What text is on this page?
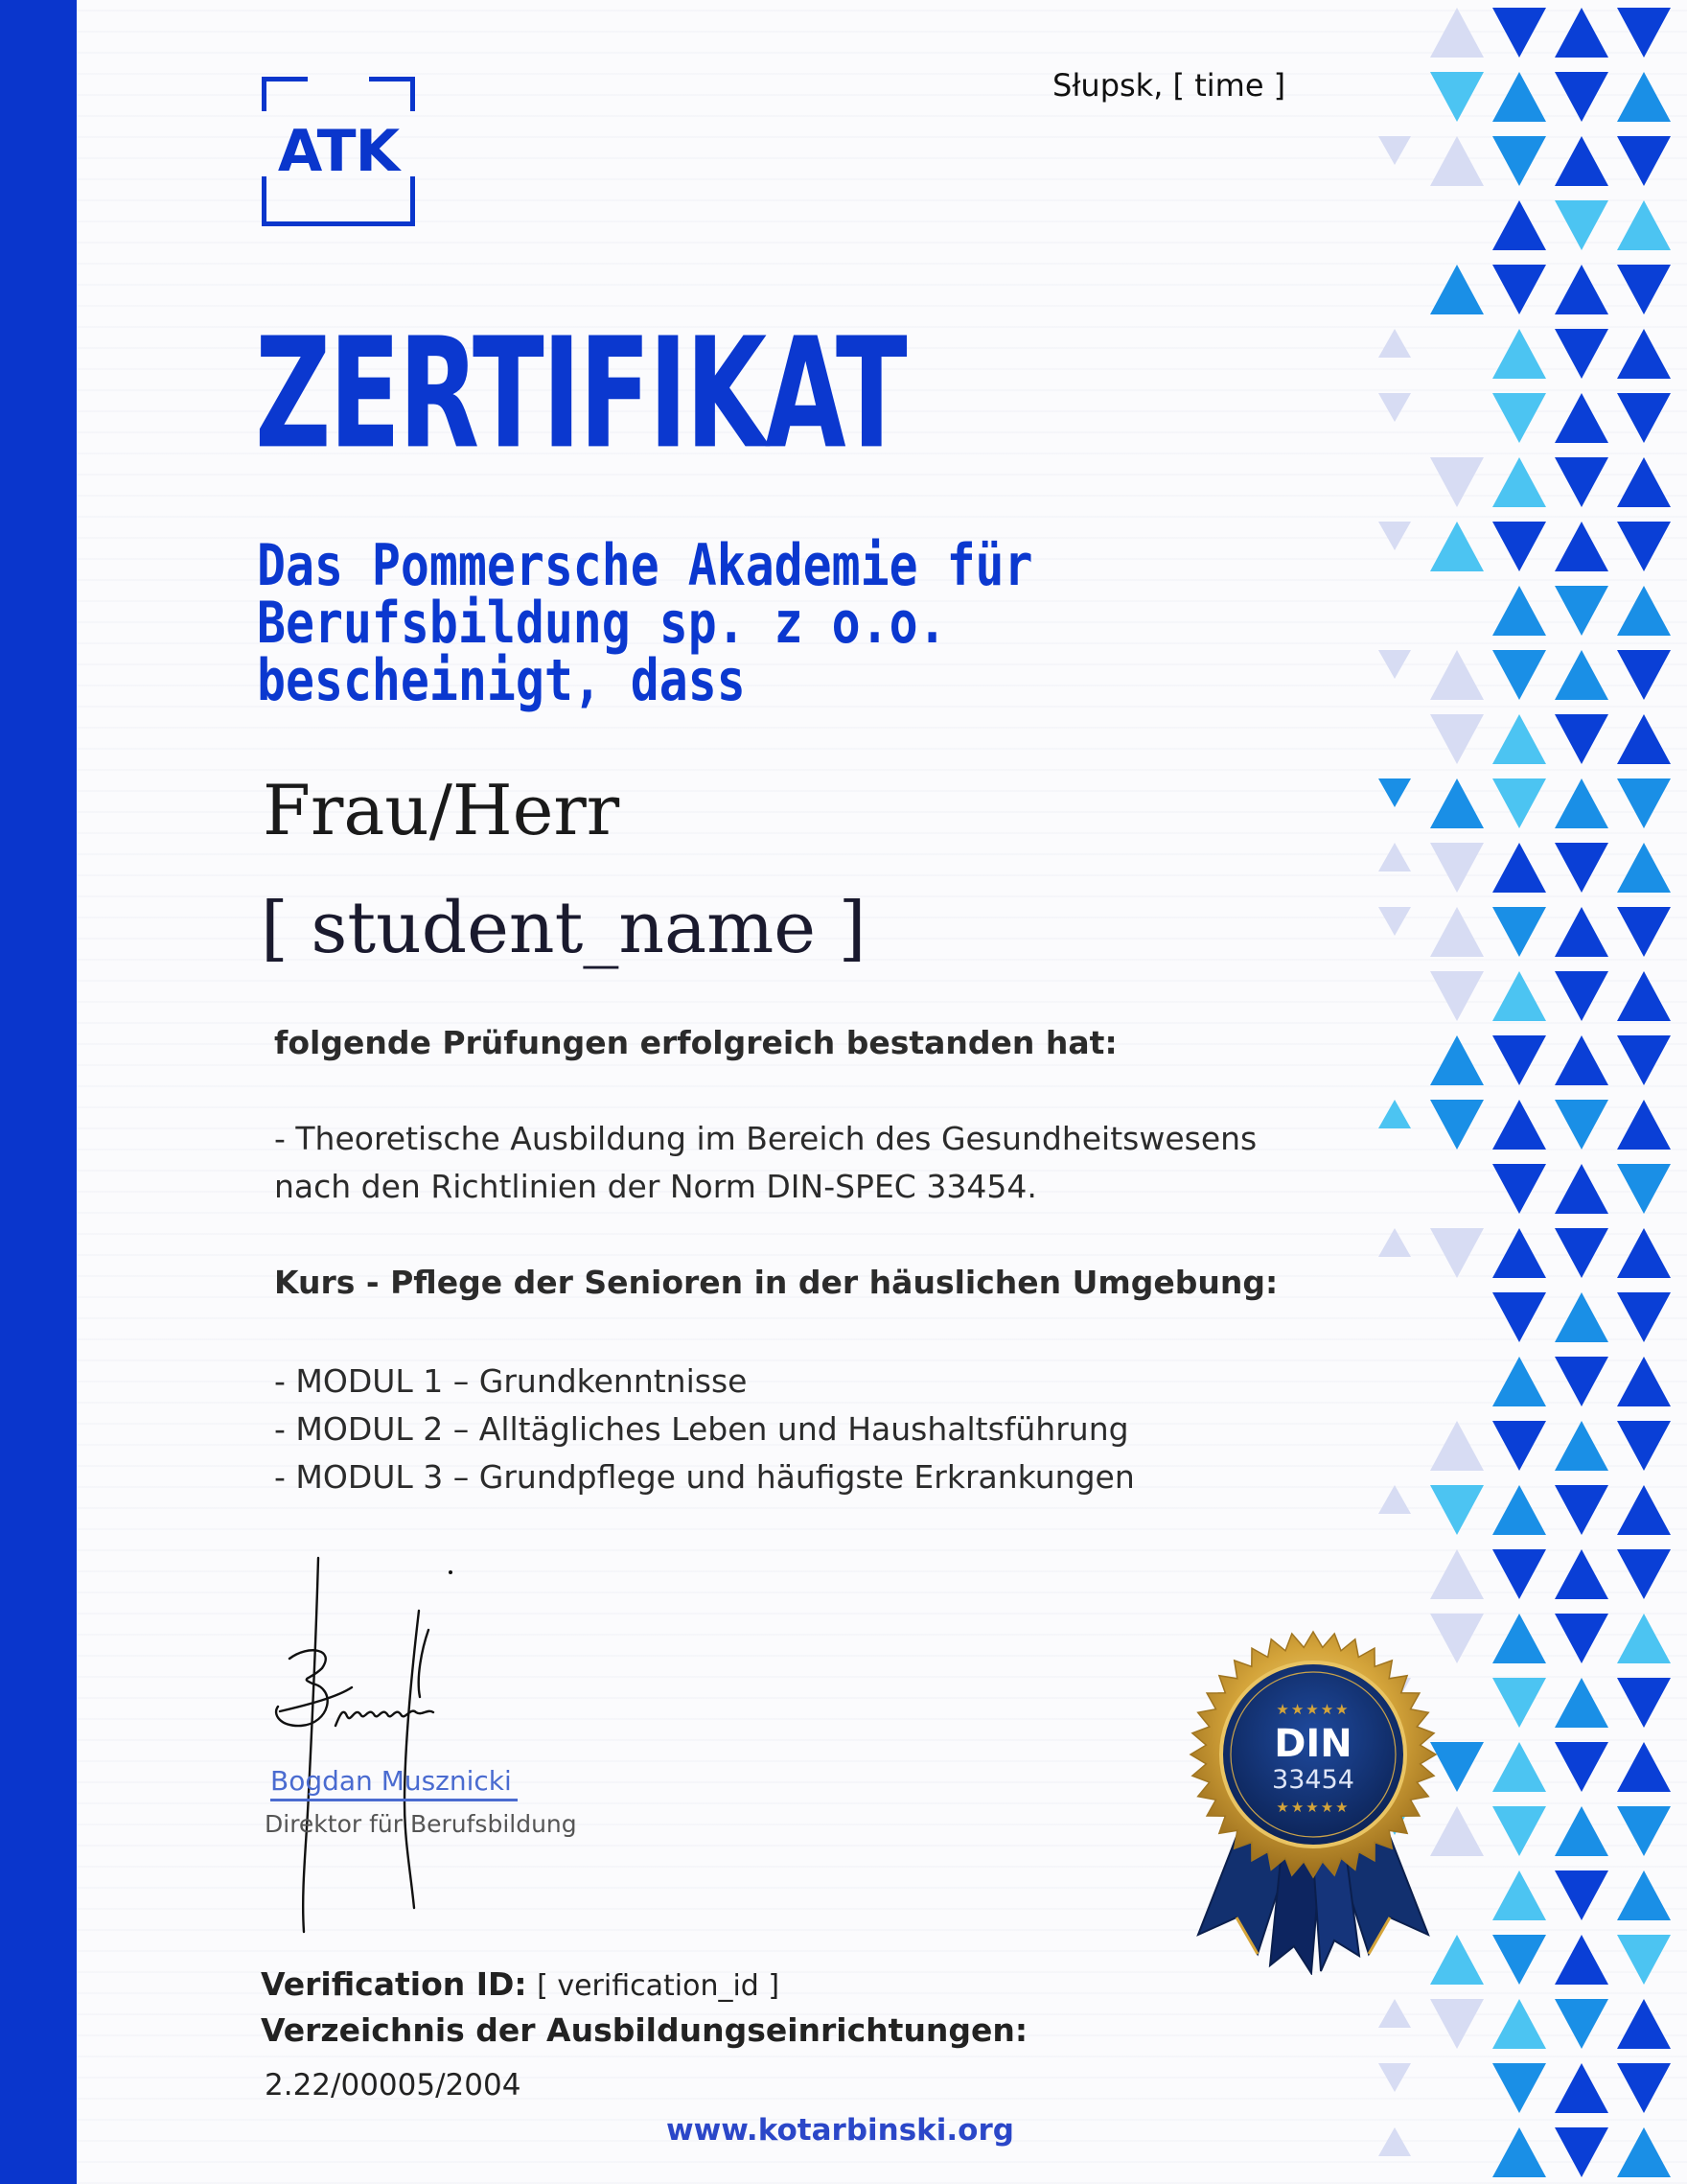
ATK
Słupsk, [ time ]
ZERTIFIKAT
Das Pommersche Akademie für
Berufsbildung sp. z o.o.
bescheinigt, dass
Frau/Herr
[ student_name ]
folgende Prüfungen erfolgreich bestanden hat:
- Theoretische Ausbildung im Bereich des Gesundheitswesens
nach den Richtlinien der Norm DIN-SPEC 33454.
Kurs - Pflege der Senioren in der häuslichen Umgebung:
- MODUL 1 – Grundkenntnisse
- MODUL 2 – Alltägliches Leben und Haushaltsführung
- MODUL 3 – Grundpflege und häufigste Erkrankungen
Bogdan Musznicki
Direktor für Berufsbildung
★★★★★
DIN
33454
★★★★★
Verification ID: [ verification_id ]
Verzeichnis der Ausbildungseinrichtungen:
2.22/00005/2004
www.kotarbinski.org
